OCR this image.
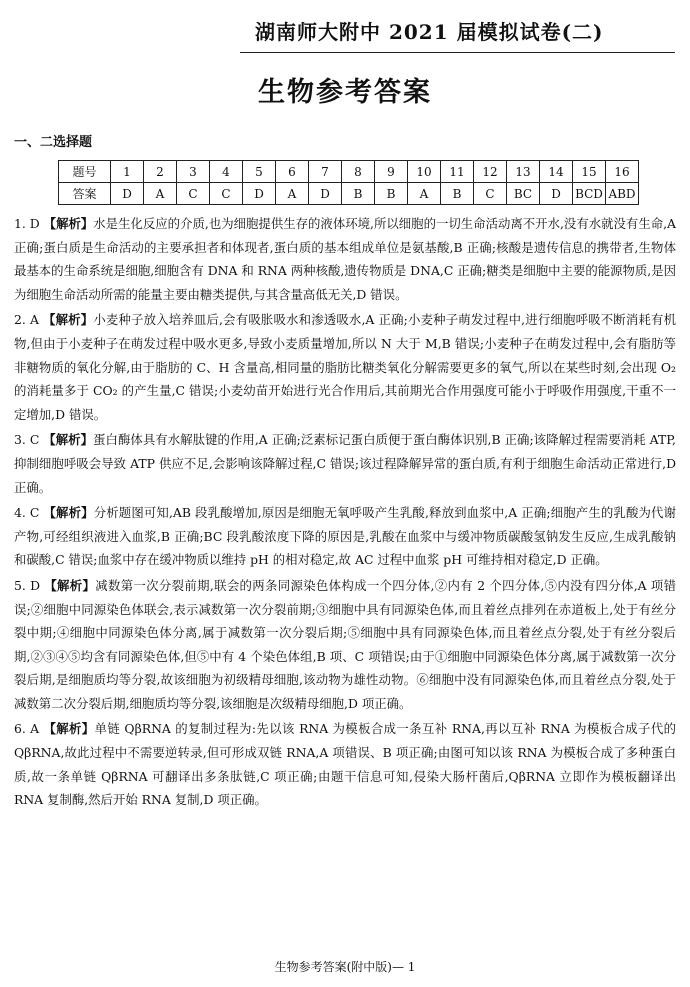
湖南师大附中 2021 届模拟试卷(二)
生物参考答案
一、二选择题
题号	1	2	3	4	5	6	7	8	9	10	11	12	13	14	15	16
答案	D	A	C	C	D	A	D	B	B	A	B	C	BC	D	BCD	ABD

1. D 【解析】水是生化反应的介质,也为细胞提供生存的液体环境,所以细胞的一切生命活动离不开水,没有水就没有生命,A 正确;蛋白质是生命活动的主要承担者和体现者,蛋白质的基本组成单位是氨基酸,B 正确;核酸是遗传信息的携带者,生物体最基本的生命系统是细胞,细胞含有 DNA 和 RNA 两种核酸,遗传物质是 DNA,C 正确;糖类是细胞中主要的能源物质,是因为细胞生命活动所需的能量主要由糖类提供,与其含量高低无关,D 错误。

2. A 【解析】小麦种子放入培养皿后,会有吸胀吸水和渗透吸水,A 正确;小麦种子萌发过程中,进行细胞呼吸不断消耗有机物,但由于小麦种子在萌发过程中吸水更多,导致小麦质量增加,所以 N 大于 M,B 错误;小麦种子在萌发过程中,会有脂肪等非糖物质的氧化分解,由于脂肪的 C、H 含量高,相同量的脂肪比糖类氧化分解需要更多的氧气,所以在某些时刻,会出现 O₂ 的消耗量多于 CO₂ 的产生量,C 错误;小麦幼苗开始进行光合作用后,其前期光合作用强度可能小于呼吸作用强度,干重不一定增加,D 错误。

3. C 【解析】蛋白酶体具有水解肽键的作用,A 正确;泛素标记蛋白质便于蛋白酶体识别,B 正确;该降解过程需要消耗 ATP,抑制细胞呼吸会导致 ATP 供应不足,会影响该降解过程,C 错误;该过程降解异常的蛋白质,有利于细胞生命活动正常进行,D 正确。

4. C 【解析】分析题图可知,AB 段乳酸增加,原因是细胞无氧呼吸产生乳酸,释放到血浆中,A 正确;细胞产生的乳酸为代谢产物,可经组织液进入血浆,B 正确;BC 段乳酸浓度下降的原因是,乳酸在血浆中与缓冲物质碳酸氢钠发生反应,生成乳酸钠和碳酸,C 错误;血浆中存在缓冲物质以维持 pH 的相对稳定,故 AC 过程中血浆 pH 可维持相对稳定,D 正确。

5. D 【解析】减数第一次分裂前期,联会的两条同源染色体构成一个四分体,②内有 2 个四分体,⑤内没有四分体,A 项错误;②细胞中同源染色体联会,表示减数第一次分裂前期;③细胞中具有同源染色体,而且着丝点排列在赤道板上,处于有丝分裂中期;④细胞中同源染色体分离,属于减数第一次分裂后期;⑤细胞中具有同源染色体,而且着丝点分裂,处于有丝分裂后期,②③④⑤均含有同源染色体,但⑤中有 4 个染色体组,B 项、C 项错误;由于①细胞中同源染色体分离,属于减数第一次分裂后期,是细胞质均等分裂,故该细胞为初级精母细胞,该动物为雄性动物。⑥细胞中没有同源染色体,而且着丝点分裂,处于减数第二次分裂后期,细胞质均等分裂,该细胞是次级精母细胞,D 项正确。

6. A 【解析】单链 QβRNA 的复制过程为:先以该 RNA 为模板合成一条互补 RNA,再以互补 RNA 为模板合成子代的 QβRNA,故此过程中不需要逆转录,但可形成双链 RNA,A 项错误、B 项正确;由图可知以该 RNA 为模板合成了多种蛋白质,故一条单链 QβRNA 可翻译出多条肽链,C 项正确;由题干信息可知,侵染大肠杆菌后,QβRNA 立即作为模板翻译出 RNA 复制酶,然后开始 RNA 复制,D 项正确。

生物参考答案(附中版)— 1
